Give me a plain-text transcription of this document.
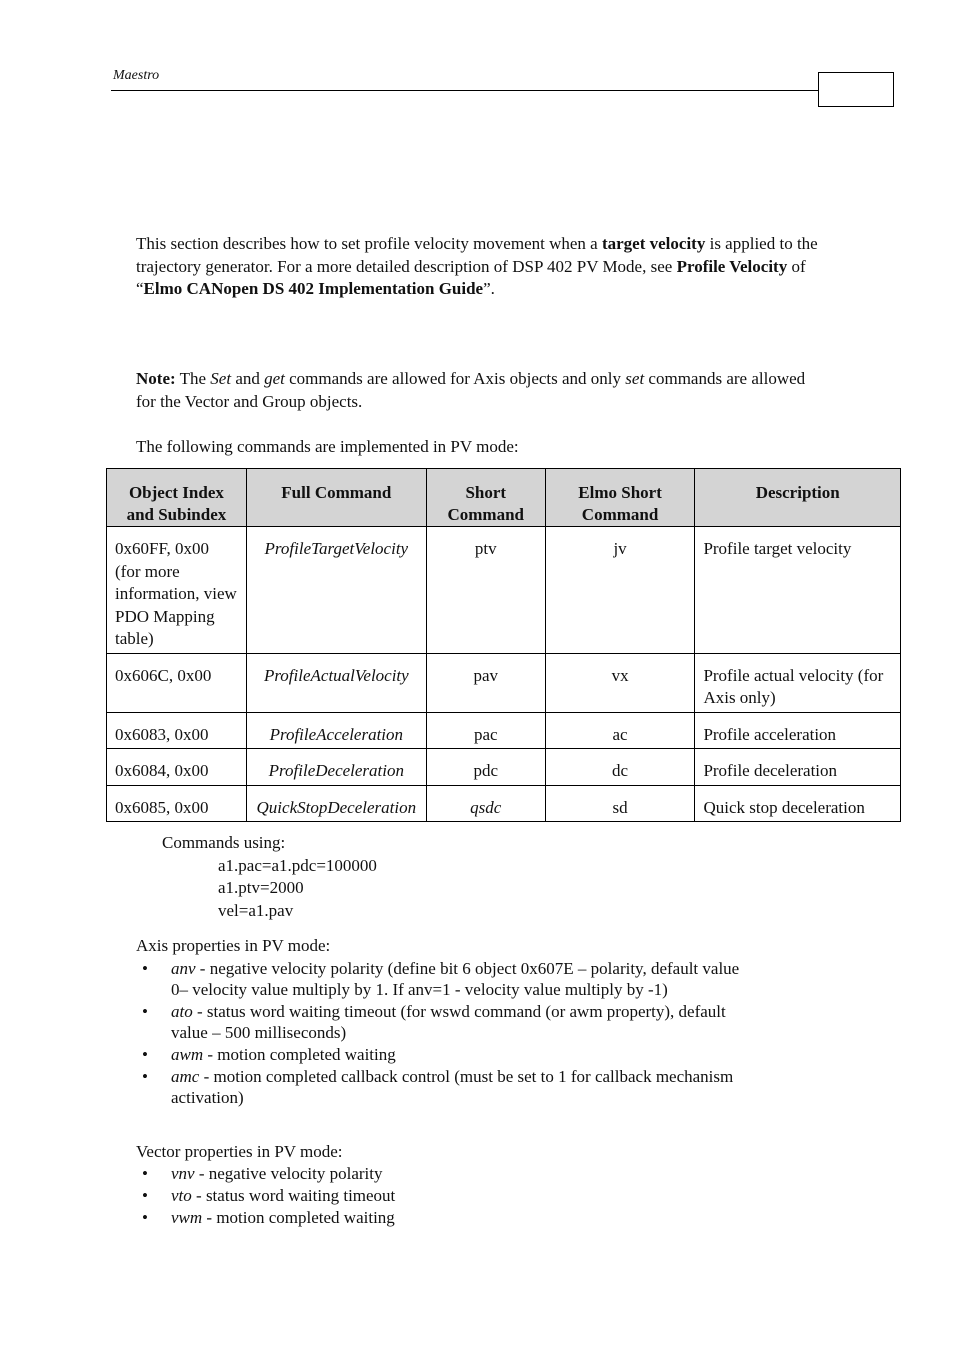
Maestro
This section describes how to set profile velocity movement when a target velocity is applied to the trajectory generator. For a more detailed description of DSP 402 PV Mode, see Profile Velocity of “Elmo CANopen DS 402 Implementation Guide”.
Note: The Set and get commands are allowed for Axis objects and only set commands are allowed for the Vector and Group objects.
The following commands are implemented in PV mode:
Object Index and Subindex	Full Command	Short Command	Elmo Short Command	Description
0x60FF, 0x00 (for more information, view PDO Mapping table)	ProfileTargetVelocity	ptv	jv	Profile target velocity
0x606C, 0x00	ProfileActualVelocity	pav	vx	Profile actual velocity (for Axis only)
0x6083, 0x00	ProfileAcceleration	pac	ac	Profile acceleration
0x6084, 0x00	ProfileDeceleration	pdc	dc	Profile deceleration
0x6085, 0x00	QuickStopDeceleration	qsdc	sd	Quick stop deceleration
Commands using:
a1.pac=a1.pdc=100000
a1.ptv=2000
vel=a1.pav
Axis properties in PV mode:
• anv - negative velocity polarity (define bit 6 object 0x607E – polarity, default value 0– velocity value multiply by 1. If anv=1 - velocity value multiply by -1)
• ato - status word waiting timeout (for wswd command (or awm property), default value – 500 milliseconds)
• awm - motion completed waiting
• amc - motion completed callback control (must be set to 1 for callback mechanism activation)
Vector properties in PV mode:
• vnv - negative velocity polarity
• vto - status word waiting timeout
• vwm - motion completed waiting
